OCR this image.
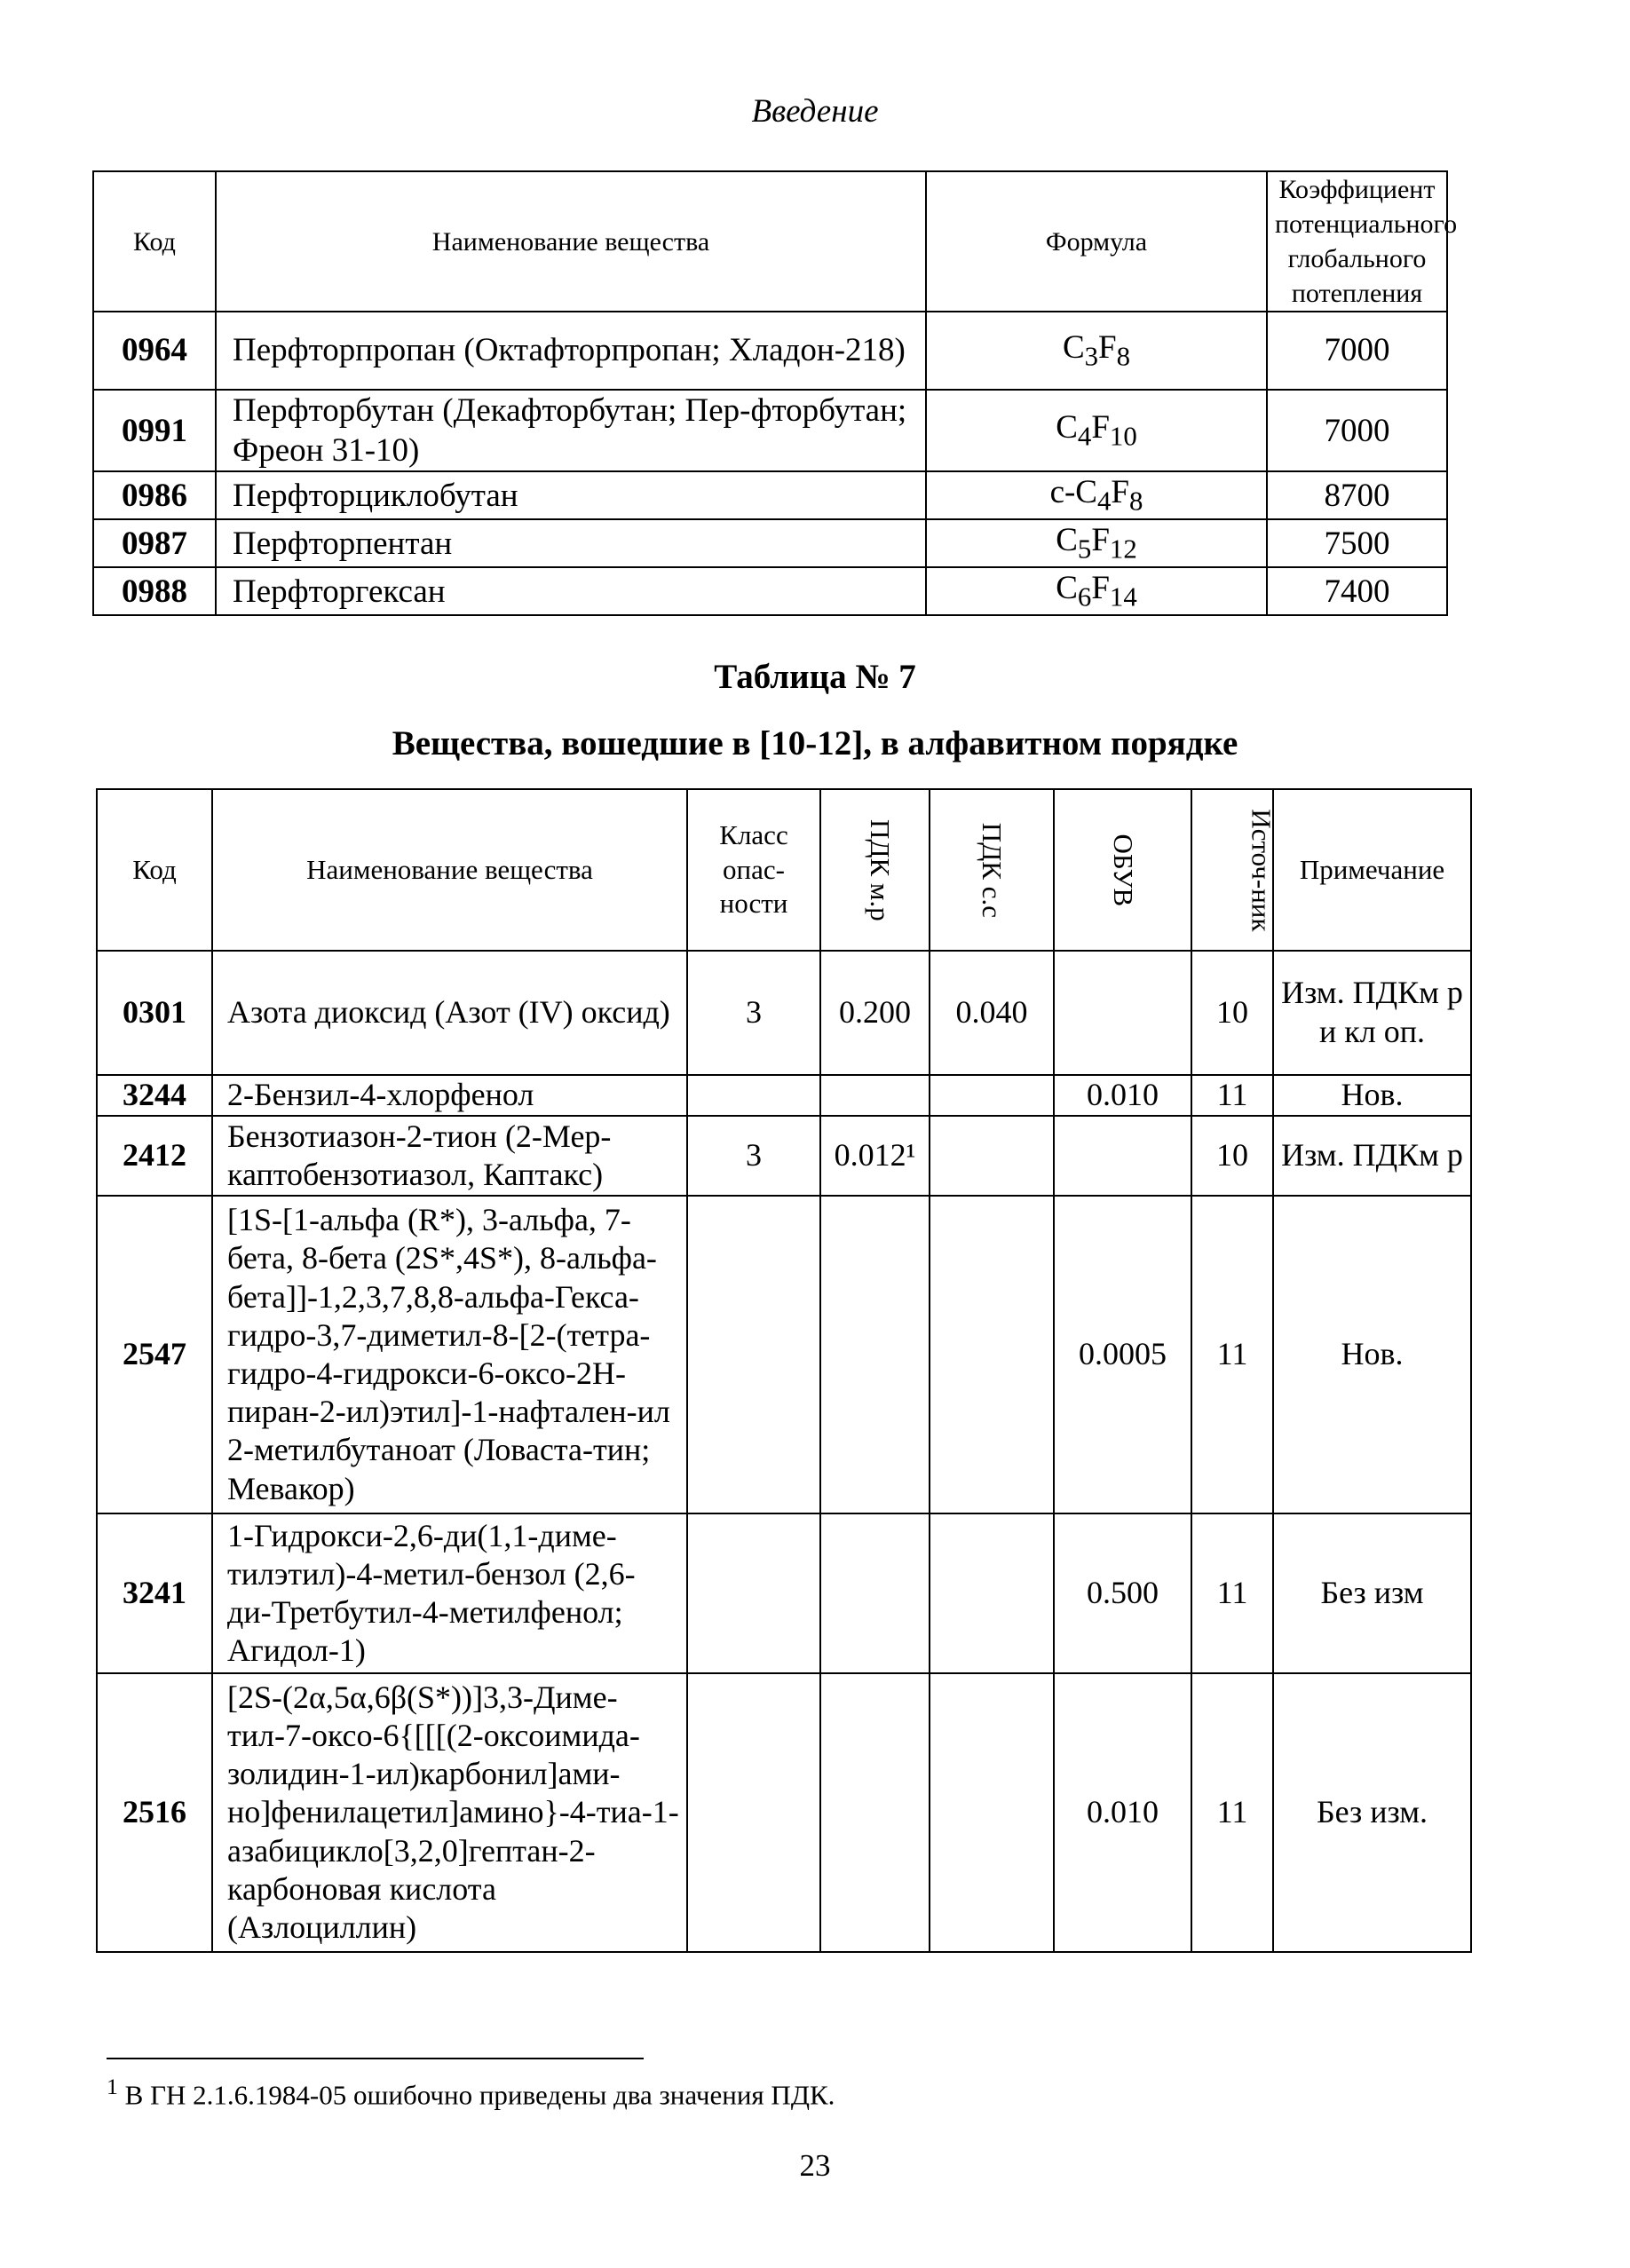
Введение
Код	Наименование вещества	Формула	Коэффициент потенциального глобального потепления
0964	Перфторпропан (Октафторпропан; Хладон-218)	$C_3F_8$	7000
0991	Перфторбутан (Декафторбутан; Пер-фторбутан; Фреон 31-10)	$C_4F_{10}$	7000
0986	Перфторциклобутан	$c-C_4F_8$	8700
0987	Перфторпентан	$C_5F_{12}$	7500
0988	Перфторгексан	$C_6F_{14}$	7400
Таблица № 7
Вещества, вошедшие в [10-12], в алфавитном порядке
Код	Наименование вещества	Класс опас-ности	ПДК м.р	ПДК с.с	ОБУВ	Источ-ник	Примечание
0301	Азота диоксид (Азот (IV) оксид)	3	0.200	0.040		10	Изм. ПДКм р и кл оп.
3244	2-Бензил-4-хлорфенол				0.010	11	Нов.
2412	Бензотиазон-2-тион (2-Мер-каптобензотиазол, Каптакс)	3	0.012¹			10	Изм. ПДКм р
2547	[1S-[1-альфа (R*), 3-альфа, 7-бета, 8-бета (2S*,4S*), 8-альфа-бета]]-1,2,3,7,8,8-альфа-Гекса-гидро-3,7-диметил-8-[2-(тетра-гидро-4-гидрокси-6-оксо-2H-пиран-2-ил)этил]-1-нафтален-ил 2-метилбутаноат (Ловаста-тин; Мевакор)				0.0005	11	Нов.
3241	1-Гидрокси-2,6-ди(1,1-диме-тилэтил)-4-метил-бензол (2,6-ди-Третбутил-4-метилфенол; Агидол-1)				0.500	11	Без изм
2516	[2S-(2α,5α,6β(S*))]3,3-Диме-тил-7-оксо-6{[[[(2-оксоимида-золидин-1-ил)карбонил]ами-но]фенилацетил]амино}-4-тиа-1-азабицикло[3,2,0]гептан-2-карбоновая кислота (Азлоциллин)				0.010	11	Без изм.
$^1$ В ГН 2.1.6.1984-05 ошибочно приведены два значения ПДК.
23
